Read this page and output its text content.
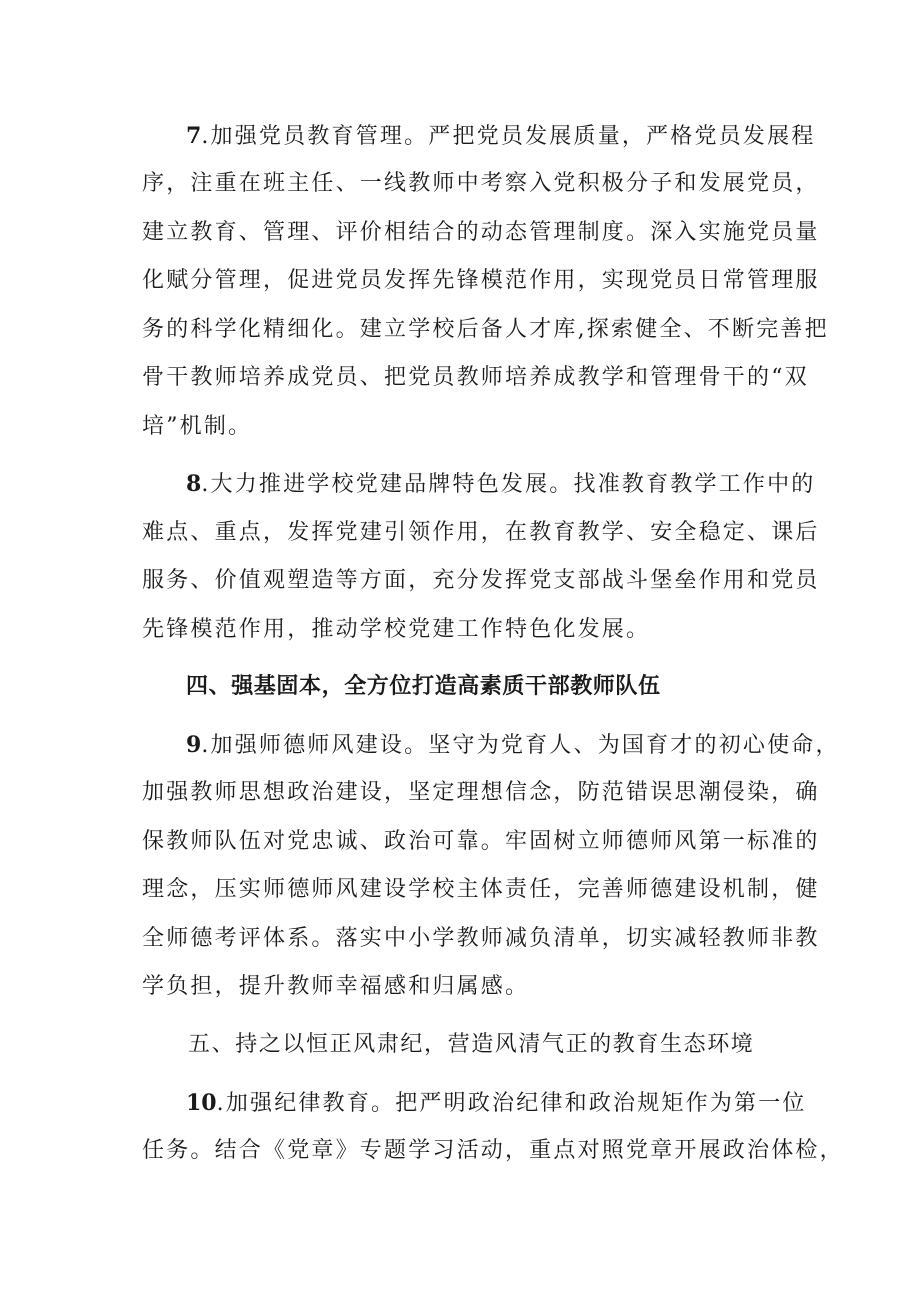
7.加强党员教育管理。严把党员发展质量，严格党员发展程
序，注重在班主任、一线教师中考察入党积极分子和发展党员，
建立教育、管理、评价相结合的动态管理制度。深入实施党员量
化赋分管理，促进党员发挥先锋模范作用，实现党员日常管理服
务的科学化精细化。建立学校后备人才库,探索健全、不断完善把
骨干教师培养成党员、把党员教师培养成教学和管理骨干的“双
培”机制。
8.大力推进学校党建品牌特色发展。找准教育教学工作中的
难点、重点，发挥党建引领作用，在教育教学、安全稳定、课后
服务、价值观塑造等方面，充分发挥党支部战斗堡垒作用和党员
先锋模范作用，推动学校党建工作特色化发展。
四、强基固本，全方位打造高素质干部教师队伍
9.加强师德师风建设。坚守为党育人、为国育才的初心使命，
加强教师思想政治建设，坚定理想信念，防范错误思潮侵染，确
保教师队伍对党忠诚、政治可靠。牢固树立师德师风第一标准的
理念，压实师德师风建设学校主体责任，完善师德建设机制，健
全师德考评体系。落实中小学教师减负清单，切实减轻教师非教
学负担，提升教师幸福感和归属感。
五、持之以恒正风肃纪，营造风清气正的教育生态环境
10.加强纪律教育。把严明政治纪律和政治规矩作为第一位
任务。结合《党章》专题学习活动，重点对照党章开展政治体检，
